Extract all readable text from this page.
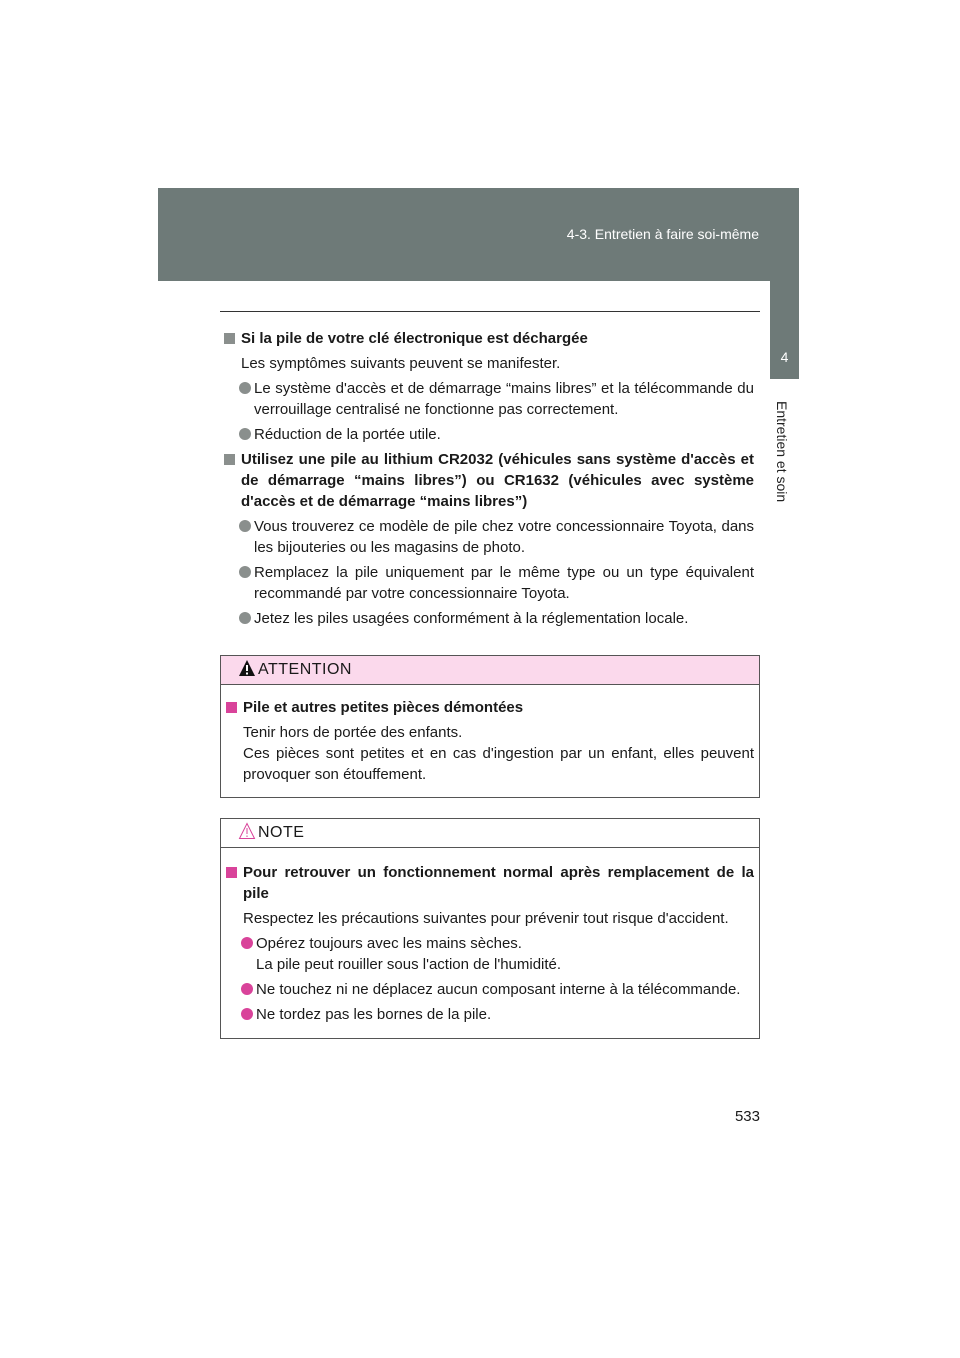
4-3. Entretien à faire soi-même
4
Entretien et soin
Si la pile de votre clé électronique est déchargée
Les symptômes suivants peuvent se manifester.
Le système d'accès et de démarrage “mains libres” et la télécommande du verrouillage centralisé ne fonctionne pas correctement.
Réduction de la portée utile.
Utilisez une pile au lithium CR2032 (véhicules sans système d'accès et de démarrage “mains libres”) ou CR1632 (véhicules avec système d'accès et de démarrage “mains libres”)
Vous trouverez ce modèle de pile chez votre concessionnaire Toyota, dans les bijouteries ou les magasins de photo.
Remplacez la pile uniquement par le même type ou un type équivalent recommandé par votre concessionnaire Toyota.
Jetez les piles usagées conformément à la réglementation locale.
ATTENTION
Pile et autres petites pièces démontées
Tenir hors de portée des enfants.
Ces pièces sont petites et en cas d'ingestion par un enfant, elles peuvent provoquer son étouffement.
NOTE
Pour retrouver un fonctionnement normal après remplacement de la pile
Respectez les précautions suivantes pour prévenir tout risque d'accident.
Opérez toujours avec les mains sèches.
La pile peut rouiller sous l'action de l'humidité.
Ne touchez ni ne déplacez aucun composant interne à la télécommande.
Ne tordez pas les bornes de la pile.
533
